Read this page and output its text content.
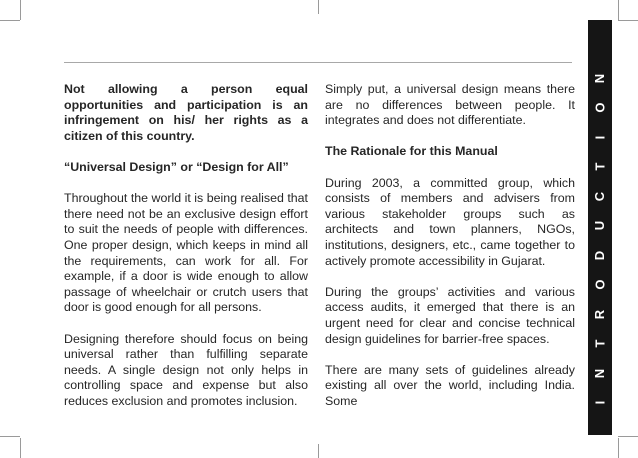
Not allowing a person equal opportunities and participation is an infringement on his/ her rights as a citizen of this country.

“Universal Design” or “Design for All”

Throughout the world it is being realised that there need not be an exclusive design effort to suit the needs of people with differences. One proper design, which keeps in mind all the requirements, can work for all. For example, if a door is wide enough to allow passage of wheelchair or crutch users that door is good enough for all persons.

Designing therefore should focus on being universal rather than fulfilling separate needs. A single design not only helps in controlling space and expense but also reduces exclusion and promotes inclusion.

Simply put, a universal design means there are no differences between people. It integrates and does not differentiate.

The Rationale for this Manual

During 2003, a committed group, which consists of members and advisers from various stakeholder groups such as architects and town planners, NGOs, institutions, designers, etc., came together to actively promote accessibility in Gujarat.

During the groups’ activities and various access audits, it emerged that there is an urgent need for clear and concise technical design guidelines for barrier-free spaces.

There are many sets of guidelines already existing all over the world, including India. Some	I
N
T
R
O
D
U
C
T
I
O
N
